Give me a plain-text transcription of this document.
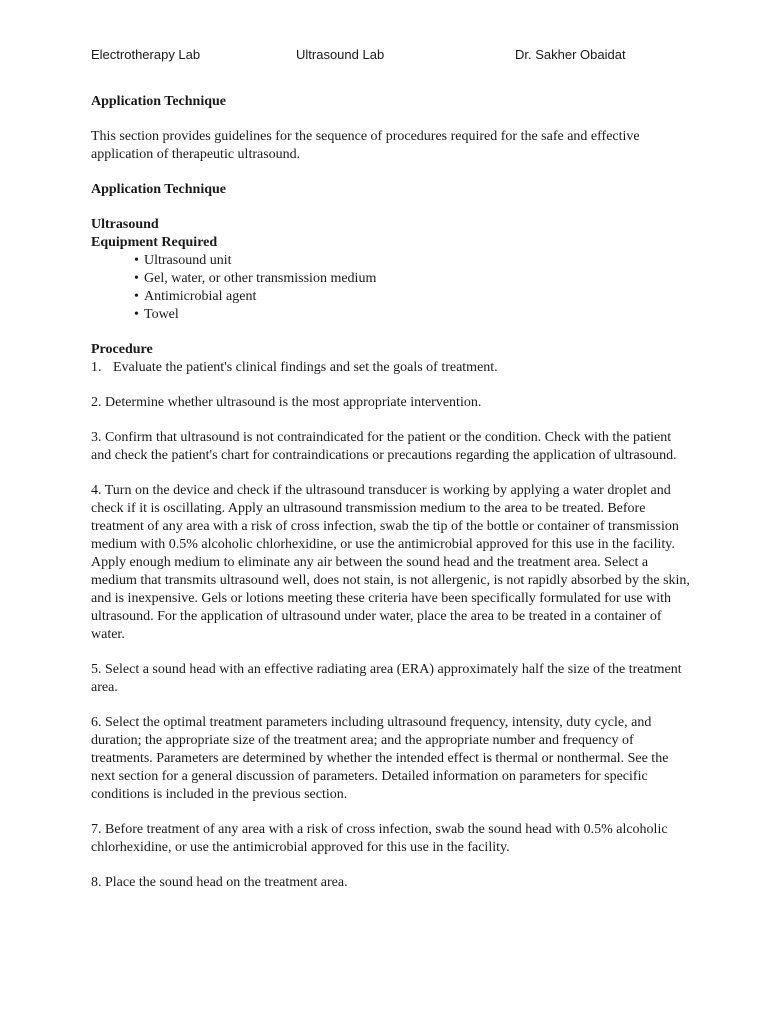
Electrotherapy Lab	Ultrasound Lab	Dr. Sakher Obaidat

Application Technique

This section provides guidelines for the sequence of procedures required for the safe and effective application of therapeutic ultrasound.

Application Technique

Ultrasound

Equipment Required

• Ultrasound unit
• Gel, water, or other transmission medium
• Antimicrobial agent
• Towel

Procedure

1. Evaluate the patient's clinical findings and set the goals of treatment.

2. Determine whether ultrasound is the most appropriate intervention.

3. Confirm that ultrasound is not contraindicated for the patient or the condition. Check with the patient and check the patient's chart for contraindications or precautions regarding the application of ultrasound.

4. Turn on the device and check if the ultrasound transducer is working by applying a water droplet and check if it is oscillating. Apply an ultrasound transmission medium to the area to be treated. Before treatment of any area with a risk of cross infection, swab the tip of the bottle or container of transmission medium with 0.5% alcoholic chlorhexidine, or use the antimicrobial approved for this use in the facility. Apply enough medium to eliminate any air between the sound head and the treatment area. Select a medium that transmits ultrasound well, does not stain, is not allergenic, is not rapidly absorbed by the skin, and is inexpensive. Gels or lotions meeting these criteria have been specifically formulated for use with ultrasound. For the application of ultrasound under water, place the area to be treated in a container of water.

5. Select a sound head with an effective radiating area (ERA) approximately half the size of the treatment area.

6. Select the optimal treatment parameters including ultrasound frequency, intensity, duty cycle, and duration; the appropriate size of the treatment area; and the appropriate number and frequency of treatments. Parameters are determined by whether the intended effect is thermal or nonthermal. See the next section for a general discussion of parameters. Detailed information on parameters for specific conditions is included in the previous section.

7. Before treatment of any area with a risk of cross infection, swab the sound head with 0.5% alcoholic chlorhexidine, or use the antimicrobial approved for this use in the facility.

8. Place the sound head on the treatment area.
